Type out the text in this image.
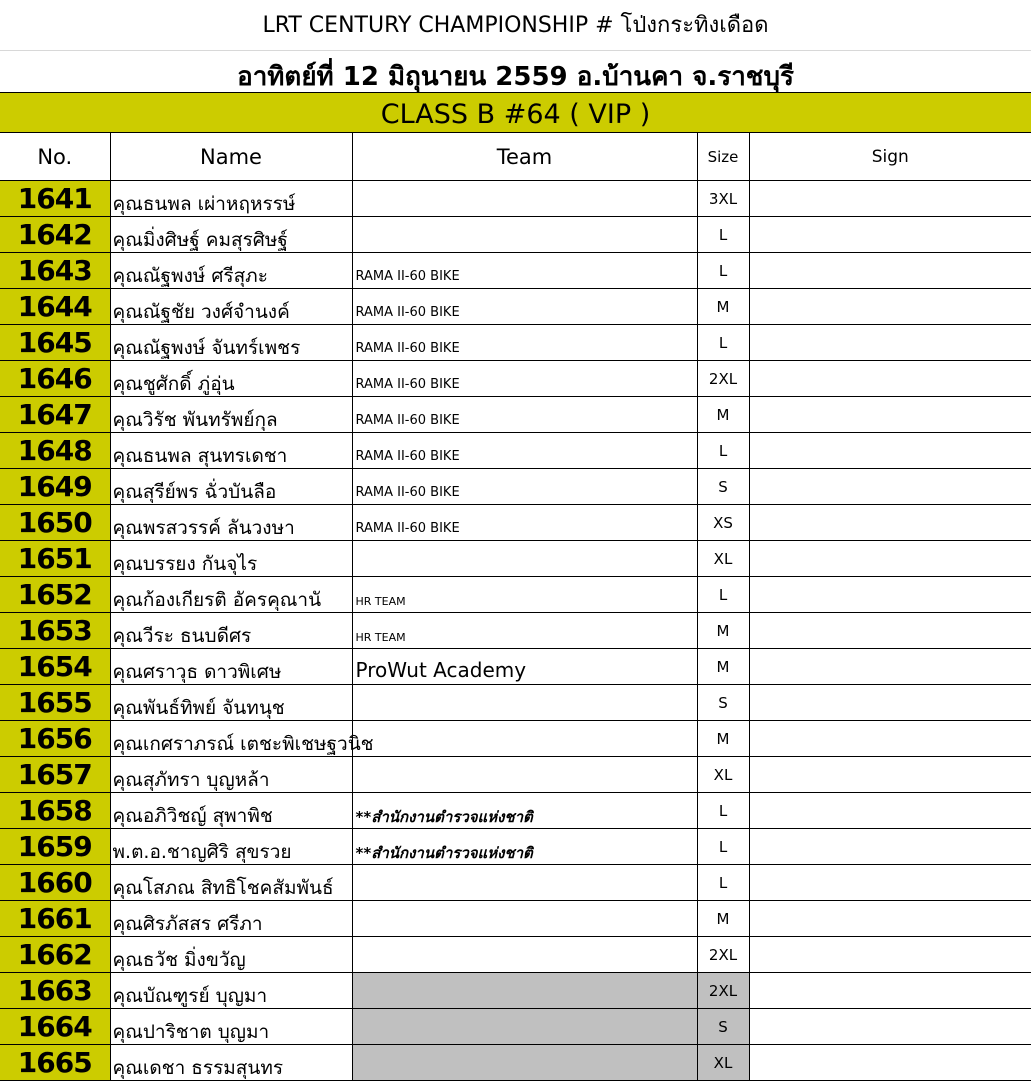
LRT CENTURY CHAMPIONSHIP # โป่งกระทิงเดือด
อาทิตย์ที่ 12 มิถุนายน 2559 อ.บ้านคา จ.ราชบุรี
CLASS B #64 ( VIP )
No.	Name	Team	Size	Sign
1641	คุณธนพล เผ่าหฤหรรษ์		3XL	
1642	คุณมิ่งศิษฐ์ คมสุรศิษฐ์		L	
1643	คุณณัฐพงษ์ ศรีสุภะ	RAMA II-60 BIKE	L	
1644	คุณณัฐชัย วงศ์จำนงค์	RAMA II-60 BIKE	M	
1645	คุณณัฐพงษ์ จันทร์เพชร	RAMA II-60 BIKE	L	
1646	คุณชูศักดิ์ ภู่อุ่น	RAMA II-60 BIKE	2XL	
1647	คุณวิรัช พันทรัพย์กุล	RAMA II-60 BIKE	M	
1648	คุณธนพล สุนทรเดชา	RAMA II-60 BIKE	L	
1649	คุณสุรีย์พร ฉั่วบันลือ	RAMA II-60 BIKE	S	
1650	คุณพรสวรรค์ ลันวงษา	RAMA II-60 BIKE	XS	
1651	คุณบรรยง กันจุไร		XL	
1652	คุณก้องเกียรติ อัครคุณานั	HR TEAM	L	
1653	คุณวีระ ธนบดีศร	HR TEAM	M	
1654	คุณศราวุธ ดาวพิเศษ	ProWut Academy	M	
1655	คุณพันธ์ทิพย์ จันทนุช		S	
1656	คุณเกศราภรณ์ เตชะพิเชษฐวนิช		M	
1657	คุณสุภัทรา บุญหล้า		XL	
1658	คุณอภิวิชญ์ สุพาพิช	**สำนักงานตำรวจแห่งชาติ	L	
1659	พ.ต.อ.ชาญศิริ สุขรวย	**สำนักงานตำรวจแห่งชาติ	L	
1660	คุณโสภณ สิทธิโชคสัมพันธ์		L	
1661	คุณศิรภัสสร ศรีภา		M	
1662	คุณธวัช มิ่งขวัญ		2XL	
1663	คุณบัณฑูรย์ บุญมา		2XL	
1664	คุณปาริชาต บุญมา		S	
1665	คุณเดชา ธรรมสุนทร		XL	
